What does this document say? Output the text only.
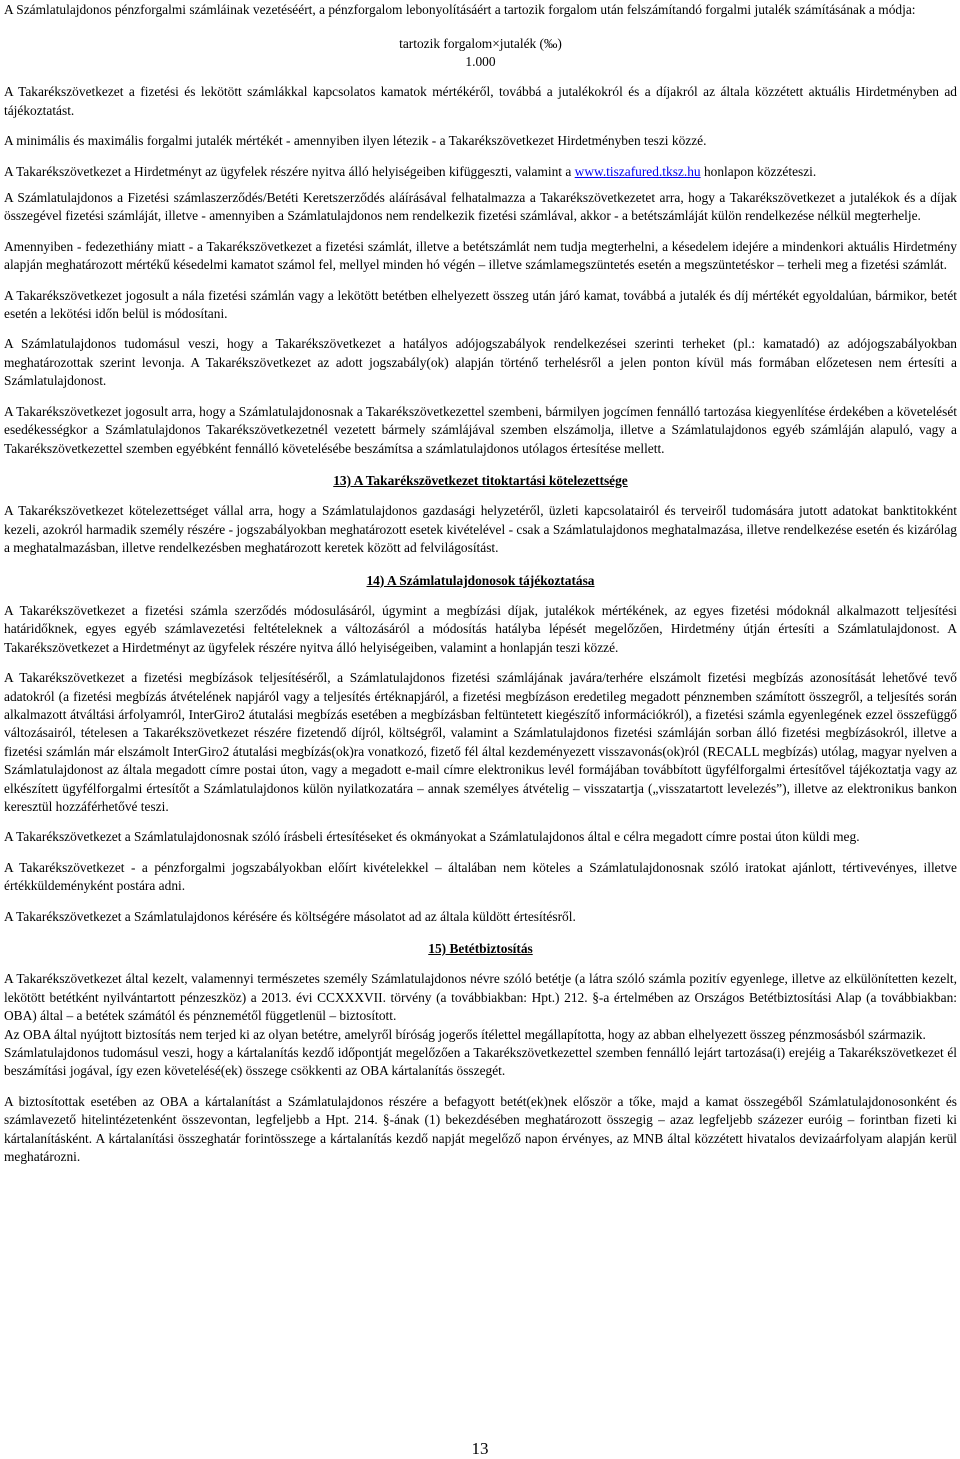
A Számlatulajdonos pénzforgalmi számláinak vezetéséért, a pénzforgalom lebonyolításáért a tartozik forgalom után felszámítandó forgalmi jutalék számításának a módja:

tartozik forgalom×jutalék (‰)
1.000

A Takarékszövetkezet a fizetési és lekötött számlákkal kapcsolatos kamatok mértékéről, továbbá a jutalékokról és a díjakról az általa közzétett aktuális Hirdetményben ad tájékoztatást.

A minimális és maximális forgalmi jutalék mértékét - amennyiben ilyen létezik - a Takarékszövetkezet Hirdetményben teszi közzé.

A Takarékszövetkezet a Hirdetményt az ügyfelek részére nyitva álló helyiségeiben kifüggeszti, valamint a www.tiszafured.tksz.hu honlapon közzéteszi.

A Számlatulajdonos a Fizetési számlaszerződés/Betéti Keretszerződés aláírásával felhatalmazza a Takarékszövetkezetet arra, hogy a Takarékszövetkezet a jutalékok és a díjak összegével fizetési számláját, illetve - amennyiben a Számlatulajdonos nem rendelkezik fizetési számlával, akkor - a betétszámláját külön rendelkezése nélkül megterhelje.

Amennyiben - fedezethiány miatt - a Takarékszövetkezet a fizetési számlát, illetve a betétszámlát nem tudja megterhelni, a késedelem idejére a mindenkori aktuális Hirdetmény alapján meghatározott mértékű késedelmi kamatot számol fel, mellyel minden hó végén – illetve számlamegszüntetés esetén a megszüntetéskor – terheli meg a fizetési számlát.

A Takarékszövetkezet jogosult a nála fizetési számlán vagy a lekötött betétben elhelyezett összeg után járó kamat, továbbá a jutalék és díj mértékét egyoldalúan, bármikor, betét esetén a lekötési időn belül is módosítani.

A Számlatulajdonos tudomásul veszi, hogy a Takarékszövetkezet a hatályos adójogszabályok rendelkezései szerinti terheket (pl.: kamatadó) az adójogszabályokban meghatározottak szerint levonja. A Takarékszövetkezet az adott jogszabály(ok) alapján történő terhelésről a jelen ponton kívül más formában előzetesen nem értesíti a Számlatulajdonost.

A Takarékszövetkezet jogosult arra, hogy a Számlatulajdonosnak a Takarékszövetkezettel szembeni, bármilyen jogcímen fennálló tartozása kiegyenlítése érdekében a követelését esedékességkor a Számlatulajdonos Takarékszövetkezetnél vezetett bármely számlájával szemben elszámolja, illetve a Számlatulajdonos egyéb számláján alapuló, vagy a Takarékszövetkezettel szemben egyébként fennálló követelésébe beszámítsa a számlatulajdonos utólagos értesítése mellett.

13) A Takarékszövetkezet titoktartási kötelezettsége

A Takarékszövetkezet kötelezettséget vállal arra, hogy a Számlatulajdonos gazdasági helyzetéről, üzleti kapcsolatairól és terveiről tudomására jutott adatokat banktitokként kezeli, azokról harmadik személy részére - jogszabályokban meghatározott esetek kivételével - csak a Számlatulajdonos meghatalmazása, illetve rendelkezése esetén és kizárólag a meghatalmazásban, illetve rendelkezésben meghatározott keretek között ad felvilágosítást.

14) A Számlatulajdonosok tájékoztatása

A Takarékszövetkezet a fizetési számla szerződés módosulásáról, úgymint a megbízási díjak, jutalékok mértékének, az egyes fizetési módoknál alkalmazott teljesítési határidőknek, egyes egyéb számlavezetési feltételeknek a változásáról a módosítás hatályba lépését megelőzően, Hirdetmény útján értesíti a Számlatulajdonost. A Takarékszövetkezet a Hirdetményt az ügyfelek részére nyitva álló helyiségeiben, valamint a honlapján teszi közzé.

A Takarékszövetkezet a fizetési megbízások teljesítéséről, a Számlatulajdonos fizetési számlájának javára/terhére elszámolt fizetési megbízás azonosítását lehetővé tevő adatokról (a fizetési megbízás átvételének napjáról vagy a teljesítés értéknapjáról, a fizetési megbízáson eredetileg megadott pénznemben számított összegről, a teljesítés során alkalmazott átváltási árfolyamról, InterGiro2 átutalási megbízás esetében a megbízásban feltüntetett kiegészítő információkról), a fizetési számla egyenlegének ezzel összefüggő változásairól, tételesen a Takarékszövetkezet részére fizetendő díjról, költségről, valamint a Számlatulajdonos fizetési számláján sorban álló fizetési megbízásokról, illetve a fizetési számlán már elszámolt InterGiro2 átutalási megbízás(ok)ra vonatkozó, fizető fél által kezdeményezett visszavonás(ok)ról (RECALL megbízás) utólag, magyar nyelven a Számlatulajdonost az általa megadott címre postai úton, vagy a megadott e-mail címre elektronikus levél formájában továbbított ügyfélforgalmi értesítővel tájékoztatja vagy az elkészített ügyfélforgalmi értesítőt a Számlatulajdonos külön nyilatkozatára – annak személyes átvételig – visszatartja („visszatartott levelezés”), illetve az elektronikus bankon keresztül hozzáférhetővé teszi.

A Takarékszövetkezet a Számlatulajdonosnak szóló írásbeli értesítéseket és okmányokat a Számlatulajdonos által e célra megadott címre postai úton küldi meg.

A Takarékszövetkezet - a pénzforgalmi jogszabályokban előírt kivételekkel – általában nem köteles a Számlatulajdonosnak szóló iratokat ajánlott, tértivevényes, illetve értékküldeményként postára adni.

A Takarékszövetkezet a Számlatulajdonos kérésére és költségére másolatot ad az általa küldött értesítésről.

15) Betétbiztosítás

A Takarékszövetkezet által kezelt, valamennyi természetes személy Számlatulajdonos névre szóló betétje (a látra szóló számla pozitív egyenlege, illetve az elkülönítetten kezelt, lekötött betétként nyilvántartott pénzeszköz) a 2013. évi CCXXXVII. törvény (a továbbiakban: Hpt.) 212. §-a értelmében az Országos Betétbiztosítási Alap (a továbbiakban: OBA) által – a betétek számától és pénznemétől függetlenül – biztosított.

Az OBA által nyújtott biztosítás nem terjed ki az olyan betétre, amelyről bíróság jogerős ítélettel megállapította, hogy az abban elhelyezett összeg pénzmosásból származik.

Számlatulajdonos tudomásul veszi, hogy a kártalanítás kezdő időpontját megelőzően a Takarékszövetkezettel szemben fennálló lejárt tartozása(i) erejéig a Takarékszövetkezet él beszámítási jogával, így ezen követelésé(ek) összege csökkenti az OBA kártalanítás összegét.

A biztosítottak esetében az OBA a kártalanítást a Számlatulajdonos részére a befagyott betét(ek)nek először a tőke, majd a kamat összegéből Számlatulajdonosonként és számlavezető hitelintézetenként összevontan, legfeljebb a Hpt. 214. §-ának (1) bekezdésében meghatározott összegig – azaz legfeljebb százezer euróig – forintban fizeti ki kártalanításként. A kártalanítási összeghatár forintösszege a kártalanítás kezdő napját megelőző napon érvényes, az MNB által közzétett hivatalos devizaárfolyam alapján kerül meghatározni.

13
